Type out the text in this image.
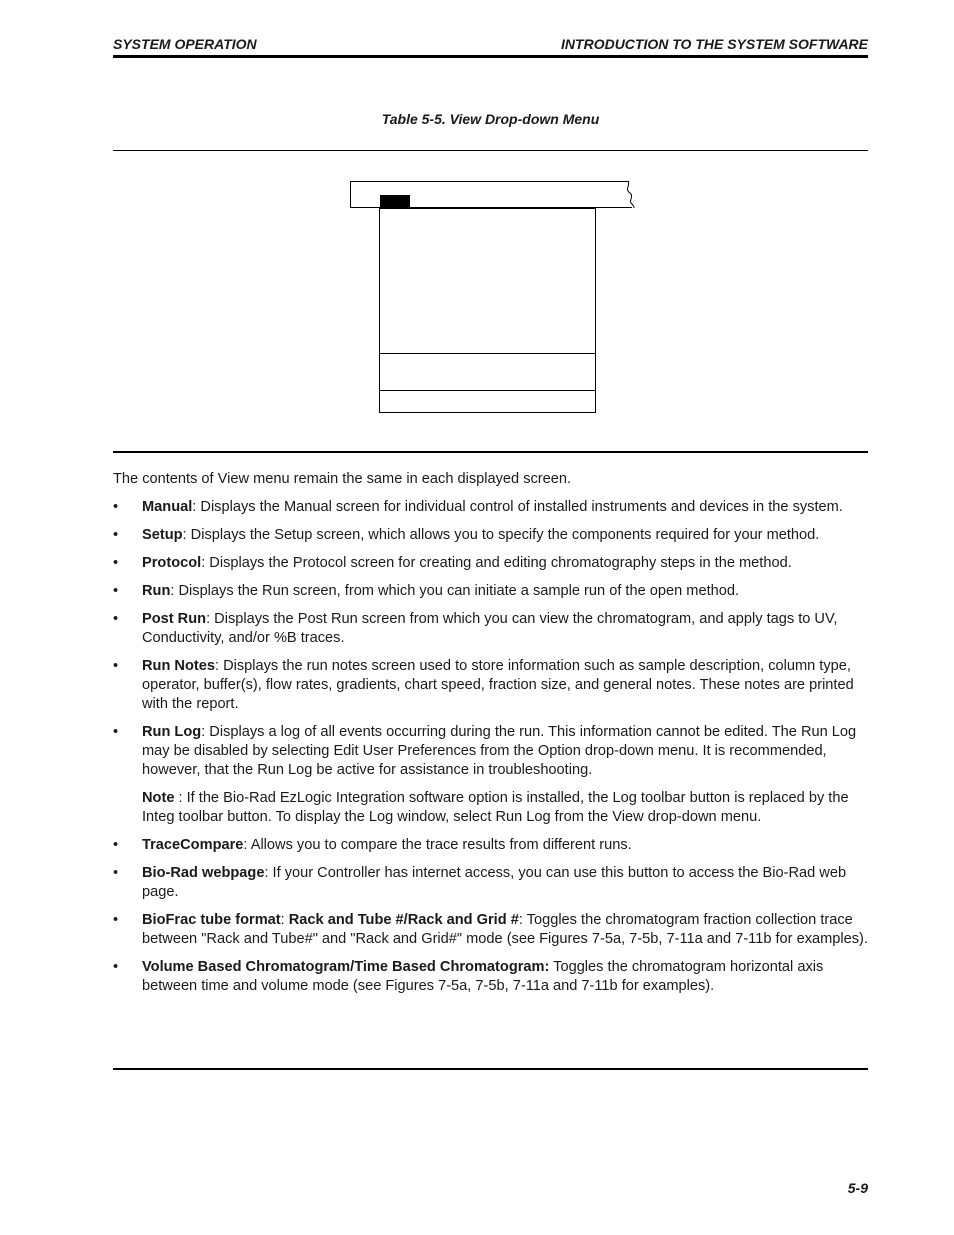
SYSTEM OPERATION	INTRODUCTION TO THE SYSTEM SOFTWARE
Table 5-5. View Drop-down Menu

The contents of View menu remain the same in each displayed screen.

• Manual: Displays the Manual screen for individual control of installed instruments and devices in the system.
• Setup: Displays the Setup screen, which allows you to specify the components required for your method.
• Protocol: Displays the Protocol screen for creating and editing chromatography steps in the method.
• Run: Displays the Run screen, from which you can initiate a sample run of the open method.
• Post Run: Displays the Post Run screen from which you can view the chromatogram, and apply tags to UV, Conductivity, and/or %B traces.
• Run Notes: Displays the run notes screen used to store information such as sample description, column type, operator, buffer(s), flow rates, gradients, chart speed, fraction size, and general notes. These notes are printed with the report.
• Run Log: Displays a log of all events occurring during the run. This information cannot be edited. The Run Log may be disabled by selecting Edit User Preferences from the Option drop-down menu. It is recommended, however, that the Run Log be active for assistance in troubleshooting.

Note : If the Bio-Rad EzLogic Integration software option is installed, the Log toolbar button is replaced by the Integ toolbar button. To display the Log window, select Run Log from the View drop-down menu.

• TraceCompare: Allows you to compare the trace results from different runs.
• Bio-Rad webpage: If your Controller has internet access, you can use this button to access the Bio-Rad web page.
• BioFrac tube format: Rack and Tube #/Rack and Grid #: Toggles the chromatogram fraction collection trace between "Rack and Tube#" and "Rack and Grid#" mode (see Figures 7-5a, 7-5b, 7-11a and 7-11b for examples).
• Volume Based Chromatogram/Time Based Chromatogram: Toggles the chromatogram horizontal axis between time and volume mode (see Figures 7-5a, 7-5b, 7-11a and 7-11b for examples).
5-9
